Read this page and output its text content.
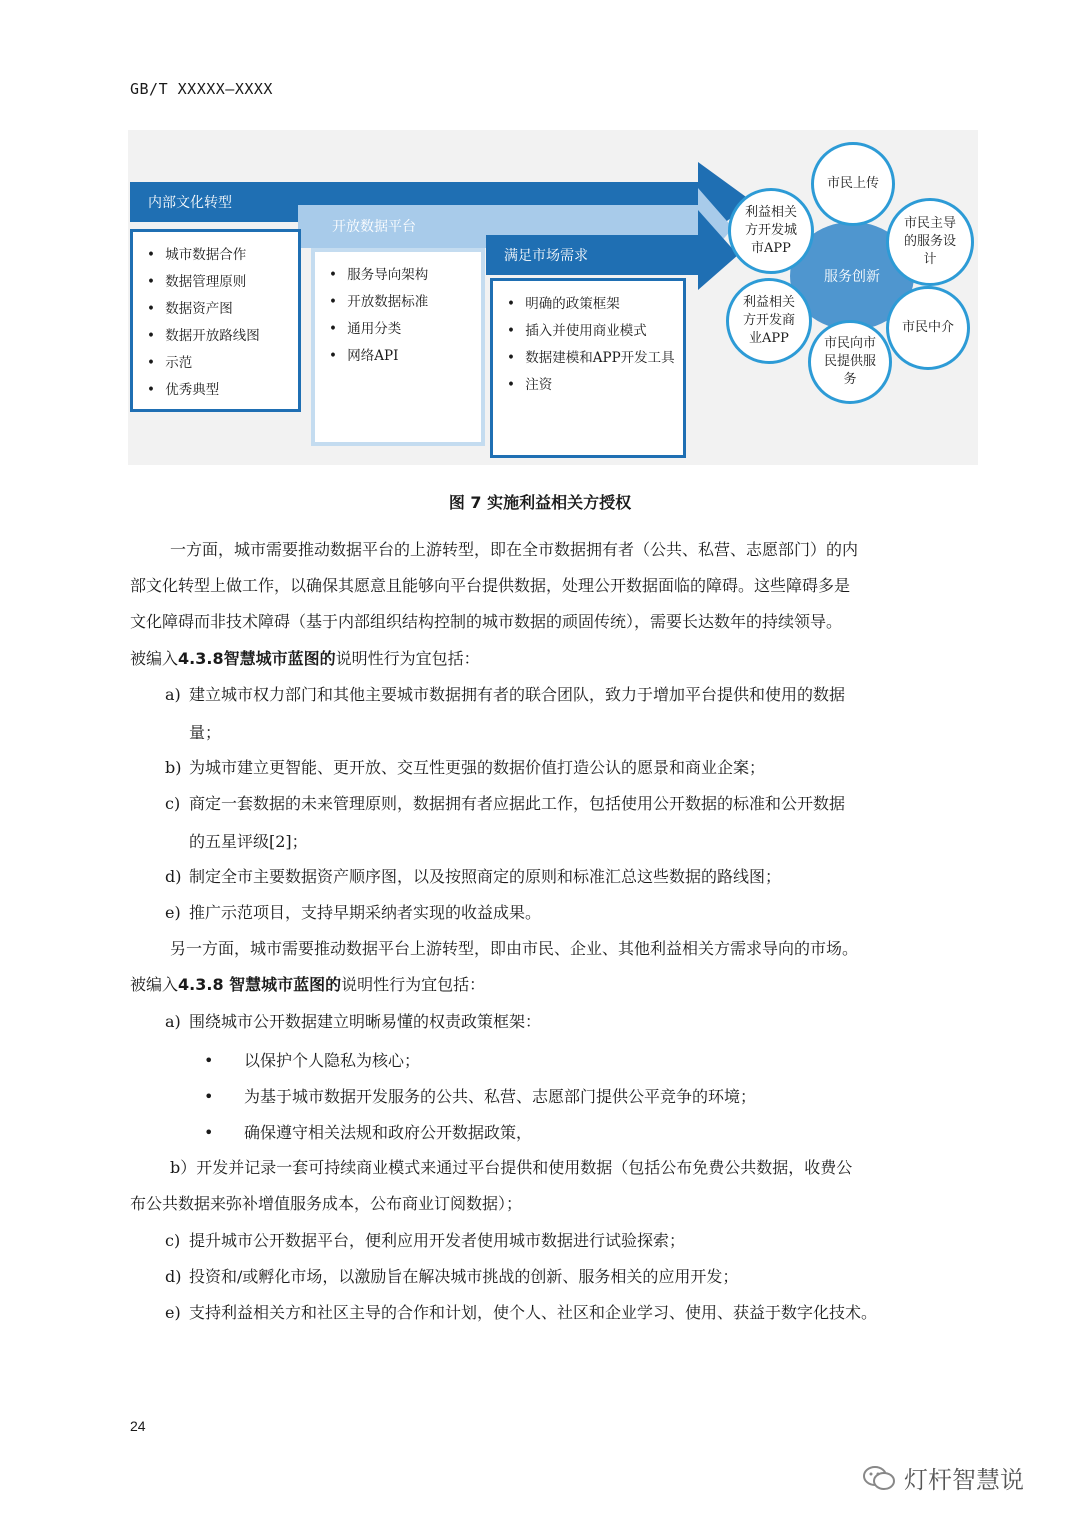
GB/T XXXXX—XXXX
内部文化转型
开放数据平台
满足市场需求
• 城市数据合作
• 数据管理原则
• 数据资产图
• 数据开放路线图
• 示范
• 优秀典型
• 服务导向架构
• 开放数据标准
• 通用分类
• 网络API
• 明确的政策框架
• 插入并使用商业模式
• 数据建模和APP开发工具
• 注资
服务创新
市民上传
市民主导的服务设计
市民中介
市民向市民提供服务
利益相关方开发商业APP
利益相关方开发城市APP
图 7 实施利益相关方授权
一方面，城市需要推动数据平台的上游转型，即在全市数据拥有者（公共、私营、志愿部门）的内
部文化转型上做工作，以确保其愿意且能够向平台提供数据，处理公开数据面临的障碍。这些障碍多是
文化障碍而非技术障碍（基于内部组织结构控制的城市数据的顽固传统），需要长达数年的持续领导。
被编入4.3.8智慧城市蓝图的说明性行为宜包括：
a) 建立城市权力部门和其他主要城市数据拥有者的联合团队，致力于增加平台提供和使用的数据
量；
b) 为城市建立更智能、更开放、交互性更强的数据价值打造公认的愿景和商业企案；
c) 商定一套数据的未来管理原则，数据拥有者应据此工作，包括使用公开数据的标准和公开数据
的五星评级[2]；
d) 制定全市主要数据资产顺序图，以及按照商定的原则和标准汇总这些数据的路线图；
e) 推广示范项目，支持早期采纳者实现的收益成果。
另一方面，城市需要推动数据平台上游转型，即由市民、企业、其他利益相关方需求导向的市场。
被编入4.3.8 智慧城市蓝图的说明性行为宜包括：
a) 围绕城市公开数据建立明晰易懂的权责政策框架：
• 以保护个人隐私为核心；
• 为基于城市数据开发服务的公共、私营、志愿部门提供公平竞争的环境；
• 确保遵守相关法规和政府公开数据政策，
b）开发并记录一套可持续商业模式来通过平台提供和使用数据（包括公布免费公共数据，收费公
布公共数据来弥补增值服务成本，公布商业订阅数据）；
c) 提升城市公开数据平台，便利应用开发者使用城市数据进行试验探索；
d) 投资和/或孵化市场，以激励旨在解决城市挑战的创新、服务相关的应用开发；
e) 支持利益相关方和社区主导的合作和计划，使个人、社区和企业学习、使用、获益于数字化技术。
24
灯杆智慧说
